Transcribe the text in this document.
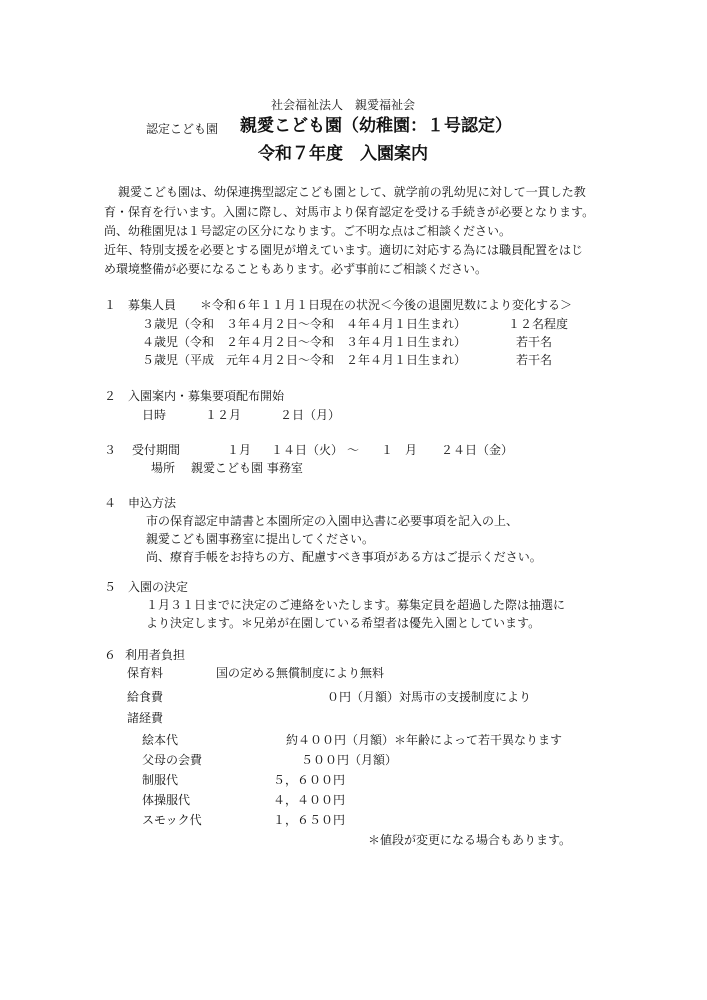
社会福祉法人　親愛福祉会
認定こども園 親愛こども園（幼稚園：１号認定）
令和７年度　入園案内
親愛こども園は、幼保連携型認定こども園として、就学前の乳幼児に対して一貫した教
育・保育を行います。入園に際し、対馬市より保育認定を受ける手続きが必要となります。
尚、幼稚園児は１号認定の区分になります。ご不明な点はご相談ください。
近年、特別支援を必要とする園児が増えています。適切に対応する為には職員配置をはじ
め環境整備が必要になることもあります。必ず事前にご相談ください。
１ 募集人員 ＊令和６年１１月１日現在の状況＜今後の退園児数により変化する＞
３歳児（令和　３年４月２日～令和　４年４月１日生まれ）	１２名程度
４歳児（令和　２年４月２日～令和　３年４月１日生まれ）	若干名
５歳児（平成　元年４月２日～令和　２年４月１日生まれ）	若干名
２ 入園案内・募集要項配布開始
日時	１２月	２日（月）
３ 受付期間	１月 １４日（火） ～ １　月 ２４日（金）
場所 親愛こども園 事務室
４ 申込方法
市の保育認定申請書と本園所定の入園申込書に必要事項を記入の上、
親愛こども園事務室に提出してください。
尚、療育手帳をお持ちの方、配慮すべき事項がある方はご提示ください。
５ 入園の決定
１月３１日までに決定のご連絡をいたします。募集定員を超過した際は抽選に
より決定します。＊兄弟が在園している希望者は優先入園としています。
６ 利用者負担
保育料	国の定める無償制度により無料
給食費	０円（月額）対馬市の支援制度により
諸経費
絵本代	約４００円（月額）＊年齢によって若干異なります
父母の会費	５００円（月額）
制服代	５，６００円
体操服代	４，４００円
スモック代	１，６５０円
＊値段が変更になる場合もあります。
